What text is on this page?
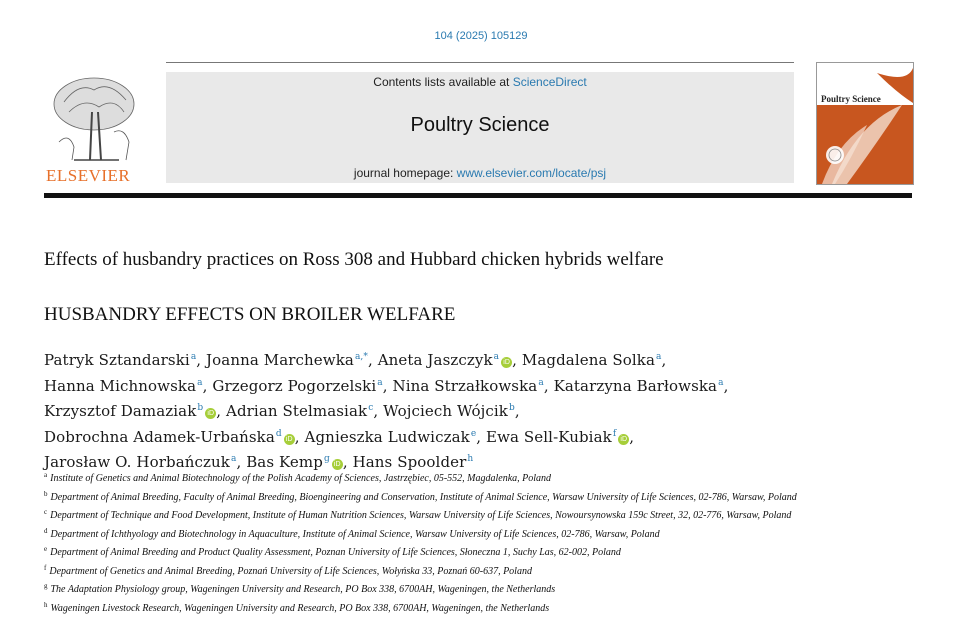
104 (2025) 105129
ELSEVIER
Contents lists available at ScienceDirect
Poultry Science
journal homepage: www.elsevier.com/locate/psj
Poultry Science
Effects of husbandry practices on Ross 308 and Hubbard chicken hybrids welfare
HUSBANDRY EFFECTS ON BROILER WELFARE
Patryk Sztandarski$^a$, Joanna Marchewka$^{a,*}$, Aneta Jaszczyk$^a$iD , Magdalena Solka$^a$,
Hanna Michnowska$^a$, Grzegorz Pogorzelski$^a$, Nina Strzałkowska$^a$, Katarzyna Barłowska$^a$,
Krzysztof Damaziak$^b$iD , Adrian Stelmasiak$^c$, Wojciech Wójcik$^b$,
Dobrochna Adamek-Urbańska$^d$iD , Agnieszka Ludwiczak$^e$, Ewa Sell-Kubiak$^f$iD ,
Jarosław O. Horbańczuk$^a$, Bas Kemp$^g$iD , Hans Spoolder$^h$
$^a$ Institute of Genetics and Animal Biotechnology of the Polish Academy of Sciences, Jastrzębiec, 05-552, Magdalenka, Poland
$^b$ Department of Animal Breeding, Faculty of Animal Breeding, Bioengineering and Conservation, Institute of Animal Science, Warsaw University of Life Sciences, 02-786, Warsaw, Poland
$^c$ Department of Technique and Food Development, Institute of Human Nutrition Sciences, Warsaw University of Life Sciences, Nowoursynowska 159c Street, 32, 02-776, Warsaw, Poland
$^d$ Department of Ichthyology and Biotechnology in Aquaculture, Institute of Animal Science, Warsaw University of Life Sciences, 02-786, Warsaw, Poland
$^e$ Department of Animal Breeding and Product Quality Assessment, Poznan University of Life Sciences, Słoneczna 1, Suchy Las, 62-002, Poland
$^f$ Department of Genetics and Animal Breeding, Poznań University of Life Sciences, Wołyńska 33, Poznań 60-637, Poland
$^g$ The Adaptation Physiology group, Wageningen University and Research, PO Box 338, 6700AH, Wageningen, the Netherlands
$^h$ Wageningen Livestock Research, Wageningen University and Research, PO Box 338, 6700AH, Wageningen, the Netherlands
